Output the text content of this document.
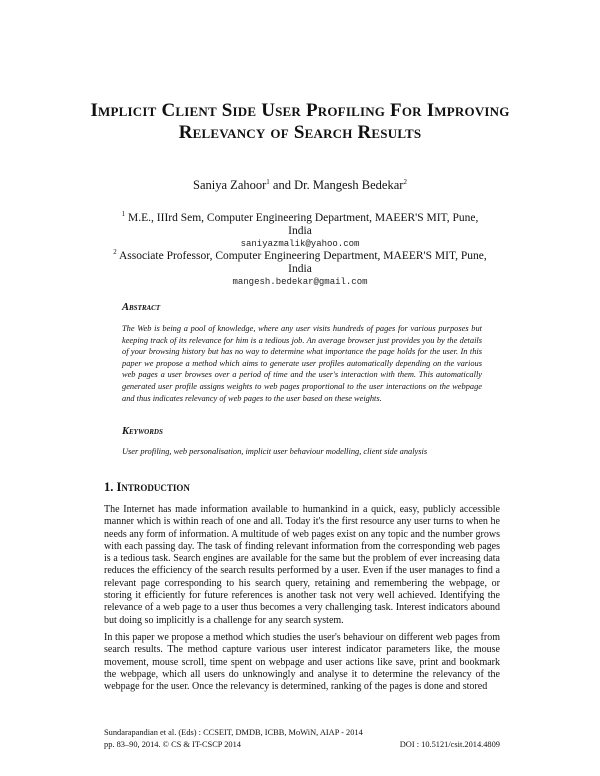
Implicit Client Side User Profiling For Improving Relevancy of Search Results
Saniya Zahoor$^1$ and Dr. Mangesh Bedekar$^2$
$^1$ M.E., IIIrd Sem, Computer Engineering Department, MAEER'S MIT, Pune, India
saniyazmalik@yahoo.com
$^2$ Associate Professor, Computer Engineering Department, MAEER'S MIT, Pune, India
mangesh.bedekar@gmail.com
Abstract
The Web is being a pool of knowledge, where any user visits hundreds of pages for various purposes but keeping track of its relevance for him is a tedious job. An average browser just provides you by the details of your browsing history but has no way to determine what importance the page holds for the user. In this paper we propose a method which aims to generate user profiles automatically depending on the various web pages a user browses over a period of time and the user's interaction with them. This automatically generated user profile assigns weights to web pages proportional to the user interactions on the webpage and thus indicates relevancy of web pages to the user based on these weights.
Keywords
User profiling, web personalisation, implicit user behaviour modelling, client side analysis
1. Introduction
The Internet has made information available to humankind in a quick, easy, publicly accessible manner which is within reach of one and all. Today it's the first resource any user turns to when he needs any form of information. A multitude of web pages exist on any topic and the number grows with each passing day. The task of finding relevant information from the corresponding web pages is a tedious task. Search engines are available for the same but the problem of ever increasing data reduces the efficiency of the search results performed by a user. Even if the user manages to find a relevant page corresponding to his search query, retaining and remembering the webpage, or storing it efficiently for future references is another task not very well achieved. Identifying the relevance of a web page to a user thus becomes a very challenging task. Interest indicators abound but doing so implicitly is a challenge for any search system.
In this paper we propose a method which studies the user's behaviour on different web pages from search results. The method capture various user interest indicator parameters like, the mouse movement, mouse scroll, time spent on webpage and user actions like save, print and bookmark the webpage, which all users do unknowingly and analyse it to determine the relevancy of the webpage for the user. Once the relevancy is determined, ranking of the pages is done and stored
Sundarapandian et al. (Eds) : CCSEIT, DMDB, ICBB, MoWiN, AIAP - 2014
pp. 83–90, 2014. © CS & IT-CSCP 2014	DOI : 10.5121/csit.2014.4809
